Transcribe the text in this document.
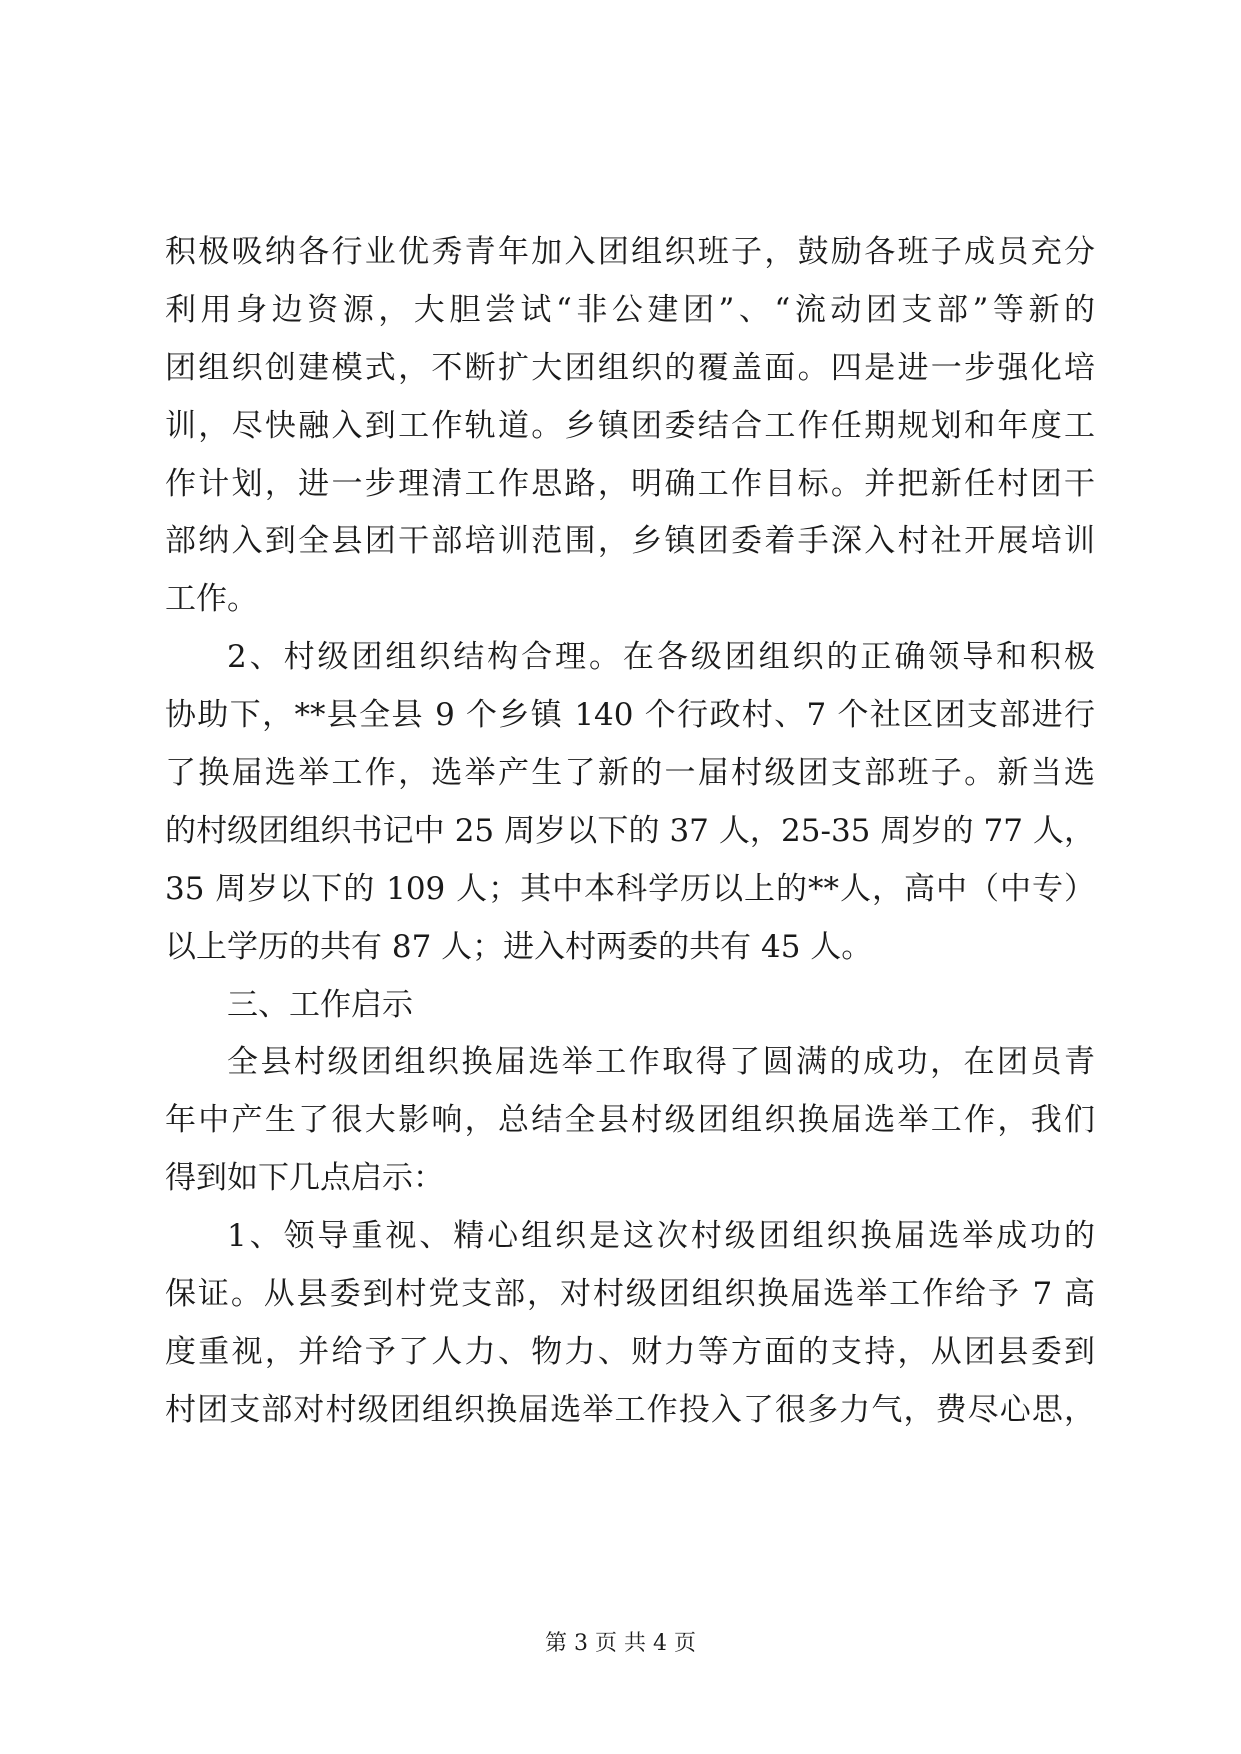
积极吸纳各行业优秀青年加入团组织班子，鼓励各班子成员充分
利用身边资源，大胆尝试“非公建团”、“流动团支部”等新的
团组织创建模式，不断扩大团组织的覆盖面。四是进一步强化培
训，尽快融入到工作轨道。乡镇团委结合工作任期规划和年度工
作计划，进一步理清工作思路，明确工作目标。并把新任村团干
部纳入到全县团干部培训范围，乡镇团委着手深入村社开展培训
工作。
2、村级团组织结构合理。在各级团组织的正确领导和积极
协助下，**县全县 9 个乡镇 140 个行政村、7 个社区团支部进行
了换届选举工作，选举产生了新的一届村级团支部班子。新当选
的村级团组织书记中 25 周岁以下的 37 人，25-35 周岁的 77 人，
35 周岁以下的 109 人；其中本科学历以上的**人，高中（中专）
以上学历的共有 87 人；进入村两委的共有 45 人。
三、工作启示
全县村级团组织换届选举工作取得了圆满的成功，在团员青
年中产生了很大影响，总结全县村级团组织换届选举工作，我们
得到如下几点启示：
1、领导重视、精心组织是这次村级团组织换届选举成功的
保证。从县委到村党支部，对村级团组织换届选举工作给予 7 高
度重视，并给予了人力、物力、财力等方面的支持，从团县委到
村团支部对村级团组织换届选举工作投入了很多力气，费尽心思，
第 3 页 共 4 页
